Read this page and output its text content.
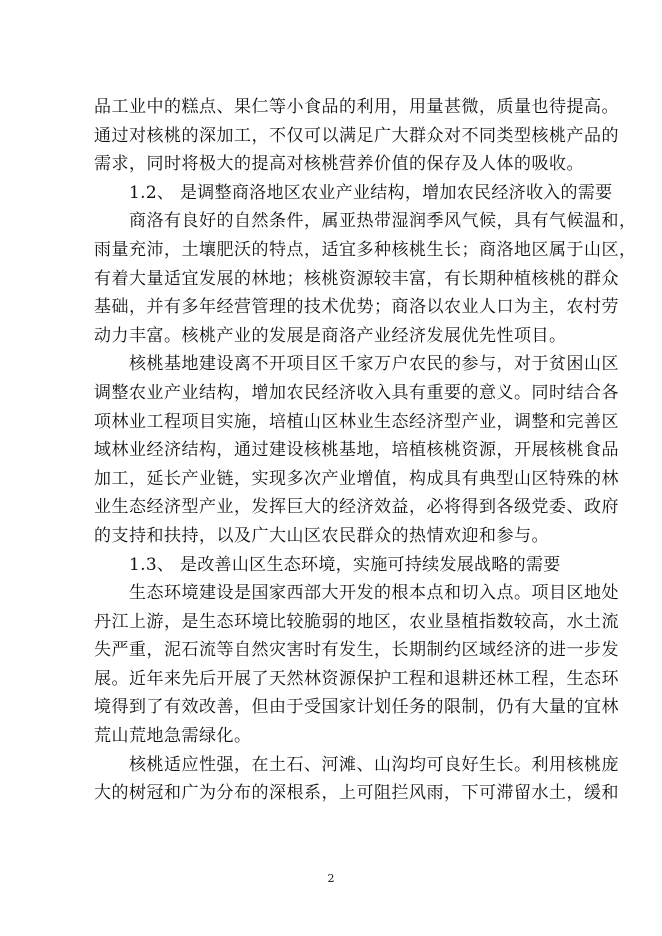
品工业中的糕点、果仁等小食品的利用，用量甚微，质量也待提高。
通过对核桃的深加工，不仅可以满足广大群众对不同类型核桃产品的
需求，同时将极大的提高对核桃营养价值的保存及人体的吸收。
1.2、 是调整商洛地区农业产业结构，增加农民经济收入的需要
商洛有良好的自然条件，属亚热带湿润季风气候，具有气候温和，
雨量充沛，土壤肥沃的特点，适宜多种核桃生长；商洛地区属于山区，
有着大量适宜发展的林地；核桃资源较丰富，有长期种植核桃的群众
基础，并有多年经营管理的技术优势；商洛以农业人口为主，农村劳
动力丰富。核桃产业的发展是商洛产业经济发展优先性项目。
核桃基地建设离不开项目区千家万户农民的参与，对于贫困山区
调整农业产业结构，增加农民经济收入具有重要的意义。同时结合各
项林业工程项目实施，培植山区林业生态经济型产业，调整和完善区
域林业经济结构，通过建设核桃基地，培植核桃资源，开展核桃食品
加工，延长产业链，实现多次产业增值，构成具有典型山区特殊的林
业生态经济型产业，发挥巨大的经济效益，必将得到各级党委、政府
的支持和扶持，以及广大山区农民群众的热情欢迎和参与。
1.3、 是改善山区生态环境，实施可持续发展战略的需要
生态环境建设是国家西部大开发的根本点和切入点。项目区地处
丹江上游，是生态环境比较脆弱的地区，农业垦植指数较高，水土流
失严重，泥石流等自然灾害时有发生，长期制约区域经济的进一步发
展。近年来先后开展了天然林资源保护工程和退耕还林工程，生态环
境得到了有效改善，但由于受国家计划任务的限制，仍有大量的宜林
荒山荒地急需绿化。
核桃适应性强，在土石、河滩、山沟均可良好生长。利用核桃庞
大的树冠和广为分布的深根系，上可阻拦风雨，下可滞留水土，缓和
2
